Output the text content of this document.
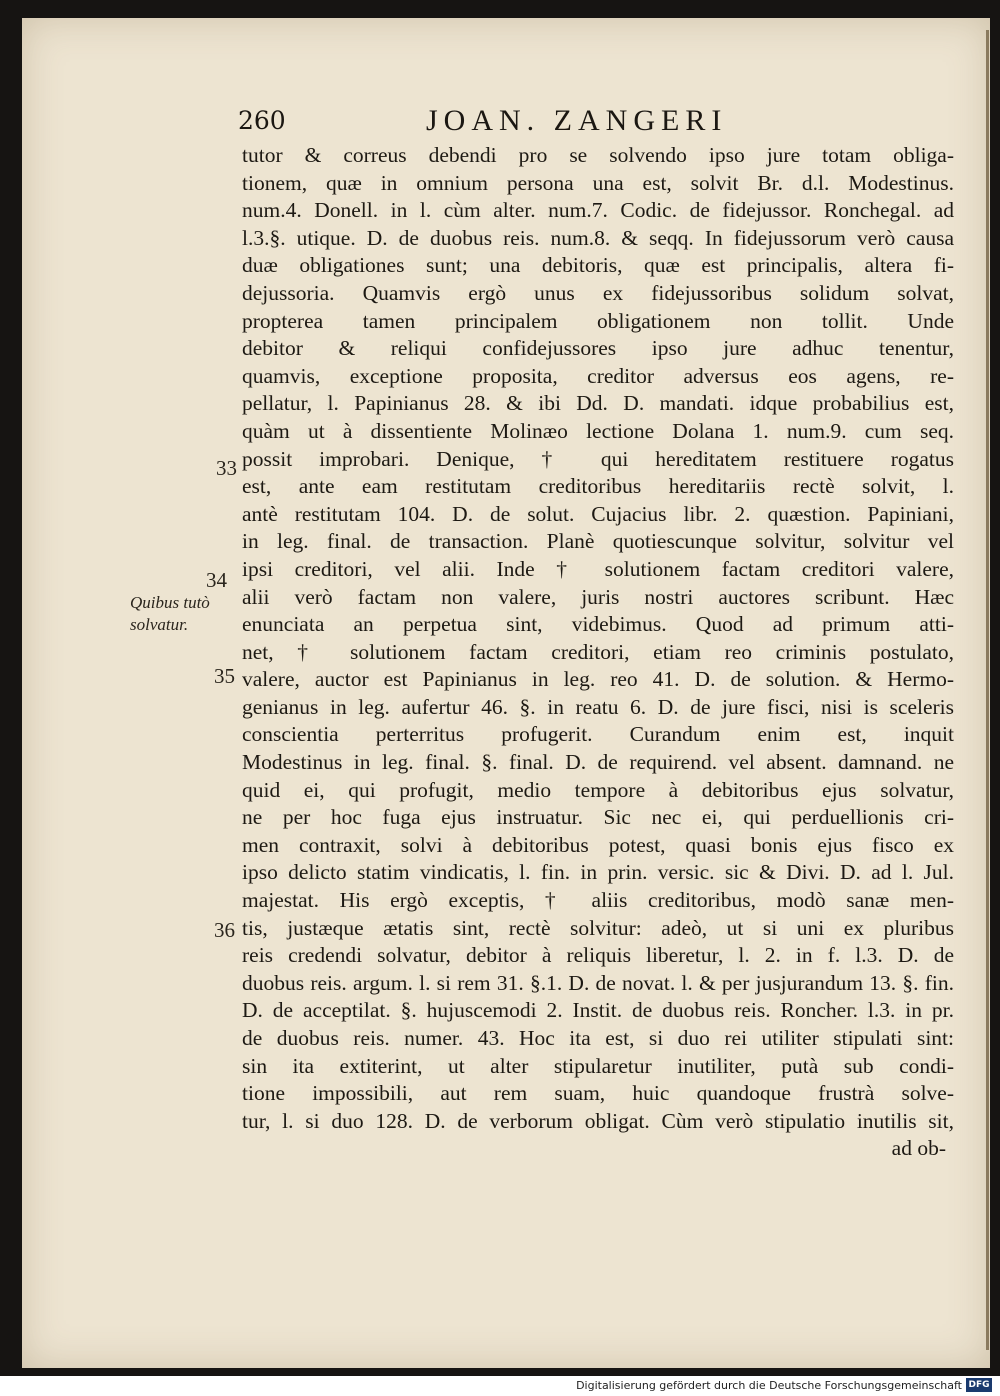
260	JOAN. ZANGERI
tutor & correus debendi pro se solvendo ipso jure totam obliga-
tionem, quæ in omnium persona una est, solvit Br. d.l. Modestinus.
num.4. Donell. in l. cùm alter. num.7. Codic. de fidejussor. Ronchegal. ad
l.3.§. utique. D. de duobus reis. num.8. & seqq. In fidejussorum verò causa
duæ obligationes sunt; una debitoris, quæ est principalis, altera fi-
dejussoria. Quamvis ergò unus ex fidejussoribus solidum solvat,
propterea tamen principalem obligationem non tollit. Unde
debitor & reliqui confidejussores ipso jure adhuc tenentur,
quamvis, exceptione proposita, creditor adversus eos agens, re-
pellatur, l. Papinianus 28. & ibi Dd. D. mandati. idque probabilius est,
quàm ut à dissentiente Molinæo lectione Dolana 1. num.9. cum seq.
possit improbari. Denique, † qui hereditatem restituere rogatus
est, ante eam restitutam creditoribus hereditariis rectè solvit, l.
antè restitutam 104. D. de solut. Cujacius libr. 2. quæstion. Papiniani,
in leg. final. de transaction. Planè quotiescunque solvitur, solvitur vel
ipsi creditori, vel alii. Inde † solutionem factam creditori valere,
alii verò factam non valere, juris nostri auctores scribunt. Hæc
enunciata an perpetua sint, videbimus. Quod ad primum atti-
net, † solutionem factam creditori, etiam reo criminis postulato,
valere, auctor est Papinianus in leg. reo 41. D. de solution. & Hermo-
genianus in leg. aufertur 46. §. in reatu 6. D. de jure fisci, nisi is sceleris
conscientia perterritus profugerit. Curandum enim est, inquit
Modestinus in leg. final. §. final. D. de requirend. vel absent. damnand. ne
quid ei, qui profugit, medio tempore à debitoribus ejus solvatur,
ne per hoc fuga ejus instruatur. Sic nec ei, qui perduellionis cri-
men contraxit, solvi à debitoribus potest, quasi bonis ejus fisco ex
ipso delicto statim vindicatis, l. fin. in prin. versic. sic & Divi. D. ad l. Jul.
majestat. His ergò exceptis, † aliis creditoribus, modò sanæ men-
tis, justæque ætatis sint, rectè solvitur: adeò, ut si uni ex pluribus
reis credendi solvatur, debitor à reliquis liberetur, l. 2. in f. l.3. D. de
duobus reis. argum. l. si rem 31. §.1. D. de novat. l. & per jusjurandum 13. §. fin.
D. de acceptilat. §. hujuscemodi 2. Instit. de duobus reis. Ronchег. l.3. in pr.
de duobus reis. numer. 43. Hoc ita est, si duo rei utiliter stipulati sint:
sin ita extiterint, ut alter stipularetur inutiliter, putà sub condi-
tione impossibili, aut rem suam, huic quandoque frustrà solve-
tur, l. si duo 128. D. de verborum obligat. Cùm verò stipulatio inutilis sit,
ad ob-
33
34
35
36
Quibus tutò
solvatur.
Digitalisierung gefördert durch die Deutsche Forschungsgemeinschaft DFG
